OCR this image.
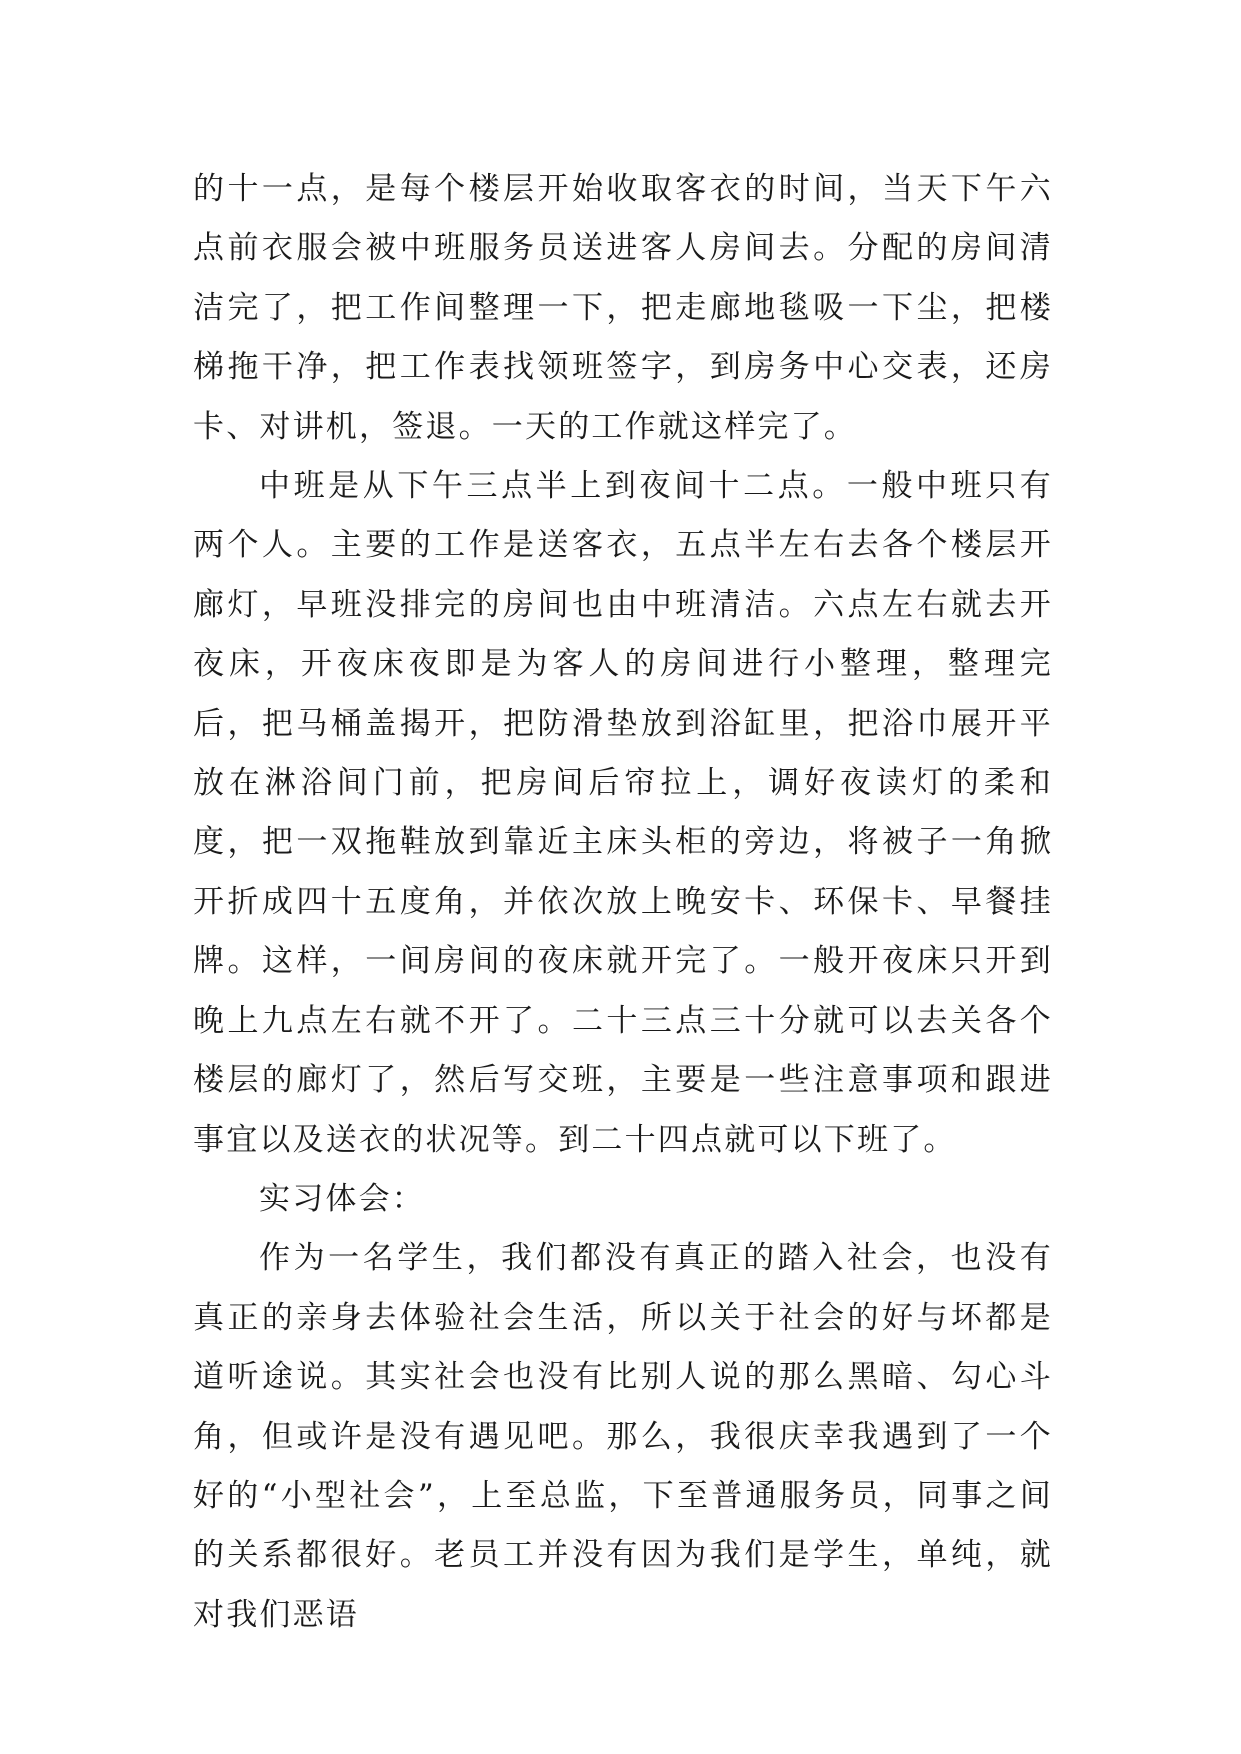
的十一点，是每个楼层开始收取客衣的时间，当天下午六点前衣服会被中班服务员送进客人房间去。分配的房间清洁完了，把工作间整理一下，把走廊地毯吸一下尘，把楼梯拖干净，把工作表找领班签字，到房务中心交表，还房卡、对讲机，签退。一天的工作就这样完了。

中班是从下午三点半上到夜间十二点。一般中班只有两个人。主要的工作是送客衣，五点半左右去各个楼层开廊灯，早班没排完的房间也由中班清洁。六点左右就去开夜床，开夜床夜即是为客人的房间进行小整理，整理完后，把马桶盖揭开，把防滑垫放到浴缸里，把浴巾展开平放在淋浴间门前，把房间后帘拉上，调好夜读灯的柔和度，把一双拖鞋放到靠近主床头柜的旁边，将被子一角掀开折成四十五度角，并依次放上晚安卡、环保卡、早餐挂牌。这样，一间房间的夜床就开完了。一般开夜床只开到晚上九点左右就不开了。二十三点三十分就可以去关各个楼层的廊灯了，然后写交班，主要是一些注意事项和跟进事宜以及送衣的状况等。到二十四点就可以下班了。

实习体会：

作为一名学生，我们都没有真正的踏入社会，也没有真正的亲身去体验社会生活，所以关于社会的好与坏都是道听途说。其实社会也没有比别人说的那么黑暗、勾心斗角，但或许是没有遇见吧。那么，我很庆幸我遇到了一个好的“小型社会”，上至总监，下至普通服务员，同事之间的关系都很好。老员工并没有因为我们是学生，单纯，就对我们恶语
